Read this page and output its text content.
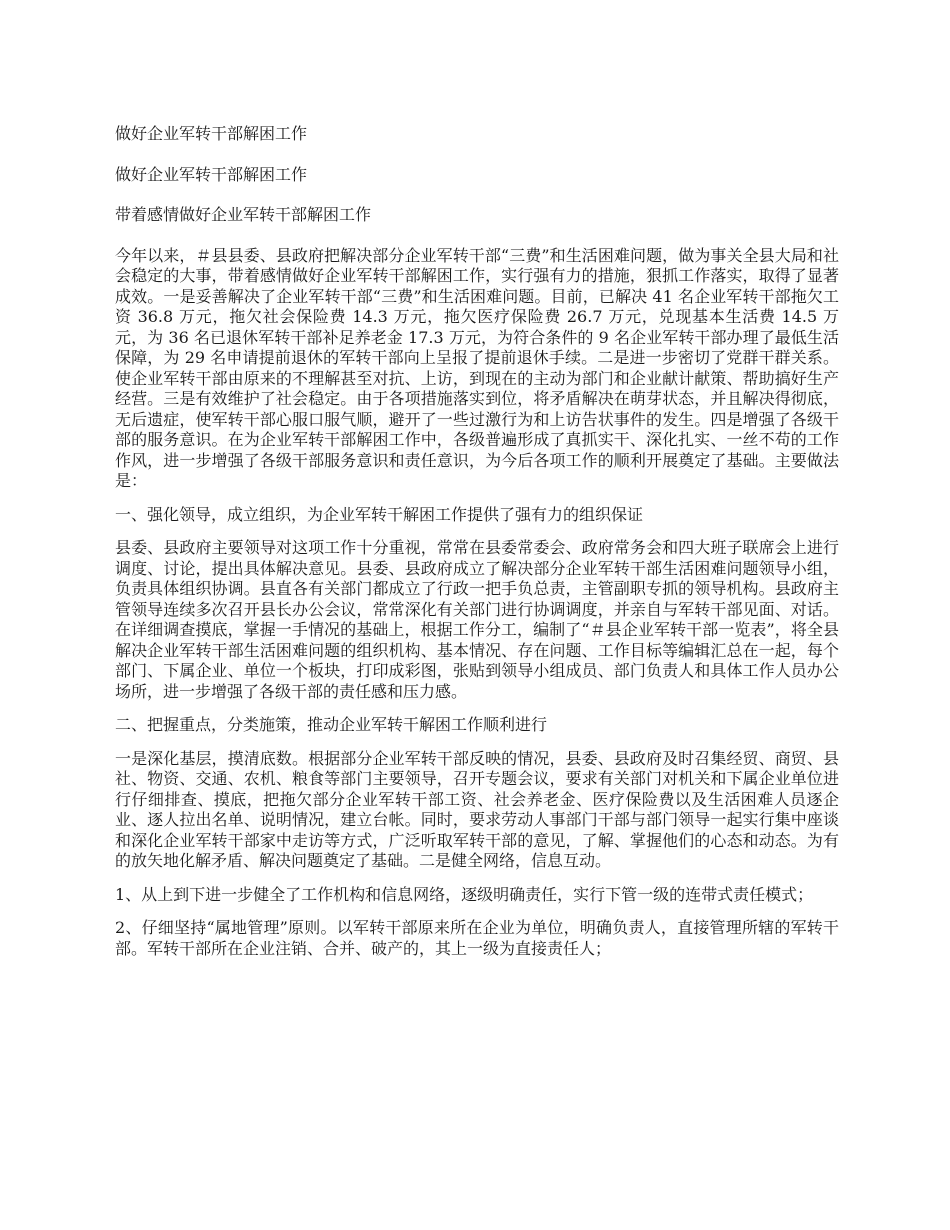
做好企业军转干部解困工作

做好企业军转干部解困工作

带着感情做好企业军转干部解困工作

今年以来，＃县县委、县政府把解决部分企业军转干部“三费”和生活困难问题，做为事关全县大局和社会稳定的大事，带着感情做好企业军转干部解困工作，实行强有力的措施，狠抓工作落实，取得了显著成效。一是妥善解决了企业军转干部“三费”和生活困难问题。目前，已解决 41 名企业军转干部拖欠工资 36.8 万元，拖欠社会保险费 14.3 万元，拖欠医疗保险费 26.7 万元，兑现基本生活费 14.5 万元，为 36 名已退休军转干部补足养老金 17.3 万元，为符合条件的 9 名企业军转干部办理了最低生活保障，为 29 名申请提前退休的军转干部向上呈报了提前退休手续。二是进一步密切了党群干群关系。使企业军转干部由原来的不理解甚至对抗、上访，到现在的主动为部门和企业献计献策、帮助搞好生产经营。三是有效维护了社会稳定。由于各项措施落实到位，将矛盾解决在萌芽状态，并且解决得彻底，无后遗症，使军转干部心服口服气顺，避开了一些过激行为和上访告状事件的发生。四是增强了各级干部的服务意识。在为企业军转干部解困工作中，各级普遍形成了真抓实干、深化扎实、一丝不苟的工作作风，进一步增强了各级干部服务意识和责任意识，为今后各项工作的顺利开展奠定了基础。主要做法是：

一、强化领导，成立组织，为企业军转干解困工作提供了强有力的组织保证

县委、县政府主要领导对这项工作十分重视，常常在县委常委会、政府常务会和四大班子联席会上进行调度、讨论，提出具体解决意见。县委、县政府成立了解决部分企业军转干部生活困难问题领导小组，负责具体组织协调。县直各有关部门都成立了行政一把手负总责，主管副职专抓的领导机构。县政府主管领导连续多次召开县长办公会议，常常深化有关部门进行协调调度，并亲自与军转干部见面、对话。在详细调查摸底，掌握一手情况的基础上，根据工作分工，编制了“＃县企业军转干部一览表”，将全县解决企业军转干部生活困难问题的组织机构、基本情况、存在问题、工作目标等编辑汇总在一起，每个部门、下属企业、单位一个板块，打印成彩图，张贴到领导小组成员、部门负责人和具体工作人员办公场所，进一步增强了各级干部的责任感和压力感。

二、把握重点，分类施策，推动企业军转干解困工作顺利进行

一是深化基层，摸清底数。根据部分企业军转干部反映的情况，县委、县政府及时召集经贸、商贸、县社、物资、交通、农机、粮食等部门主要领导，召开专题会议，要求有关部门对机关和下属企业单位进行仔细排查、摸底，把拖欠部分企业军转干部工资、社会养老金、医疗保险费以及生活困难人员逐企业、逐人拉出名单、说明情况，建立台帐。同时，要求劳动人事部门干部与部门领导一起实行集中座谈和深化企业军转干部家中走访等方式，广泛听取军转干部的意见，了解、掌握他们的心态和动态。为有的放矢地化解矛盾、解决问题奠定了基础。二是健全网络，信息互动。

1、从上到下进一步健全了工作机构和信息网络，逐级明确责任，实行下管一级的连带式责任模式；

2、仔细坚持“属地管理”原则。以军转干部原来所在企业为单位，明确负责人，直接管理所辖的军转干部。军转干部所在企业注销、合并、破产的，其上一级为直接责任人；
